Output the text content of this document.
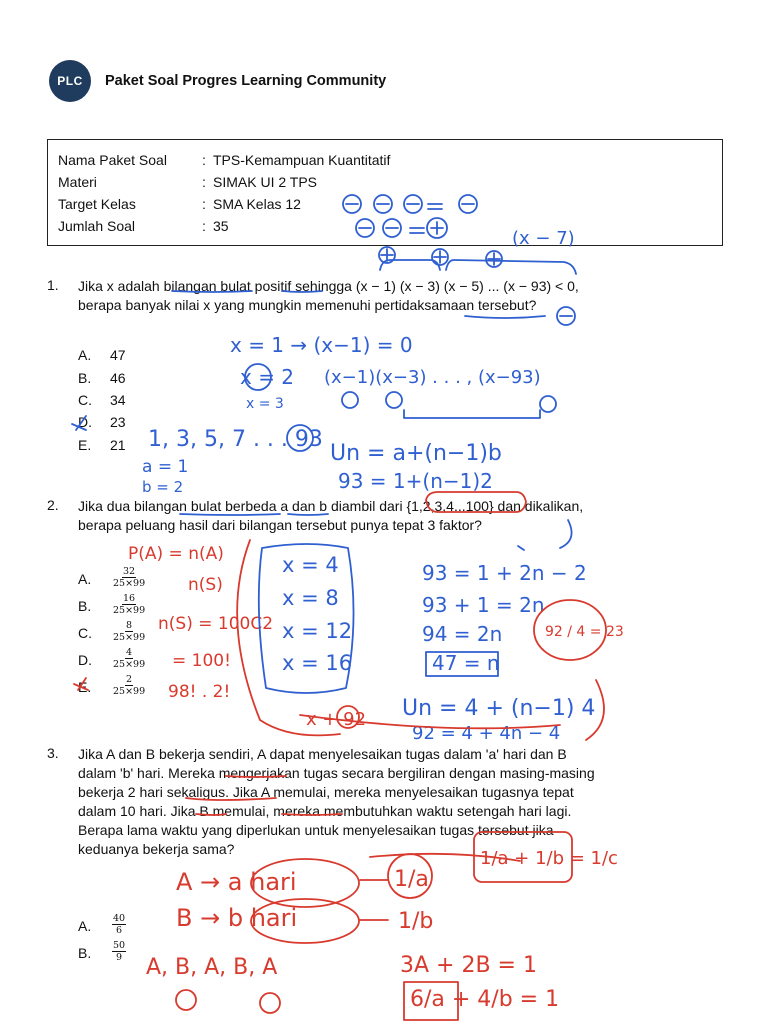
PLC Paket Soal Progres Learning Community
Nama Paket Soal	: TPS-Kemampuan Kuantitatif
Materi	: SIMAK UI 2 TPS
Target Kelas	: SMA Kelas 12
Jumlah Soal	: 35
1. Jika x adalah bilangan bulat positif sehingga (x − 1) (x − 3) (x − 5) ... (x − 93) < 0, berapa banyak nilai x yang mungkin memenuhi pertidaksamaan tersebut?
A. 47
B. 46
C. 34
D. 23
E. 21
2. Jika dua bilangan bulat berbeda a dan b diambil dari {1,2,3,4...100} dan dikalikan, berapa peluang hasil dari bilangan tersebut punya tepat 3 faktor?
A. $\frac{32}{25\times 99}$
B. $\frac{16}{25\times 99}$
C. $\frac{8}{25\times 99}$
D. $\frac{4}{25\times 99}$
E. $\frac{2}{25\times 99}$
3. Jika A dan B bekerja sendiri, A dapat menyelesaikan tugas dalam 'a' hari dan B dalam 'b' hari. Mereka mengerjakan tugas secara bergiliran dengan masing-masing bekerja 2 hari sekaligus. Jika A memulai, mereka menyelesaikan tugasnya tepat dalam 10 hari. Jika B memulai, mereka membutuhkan waktu setengah hari lagi. Berapa lama waktu yang diperlukan untuk menyelesaikan tugas tersebut jika keduanya bekerja sama?
A. $\frac{40}{6}$
B. $\frac{50}{9}$
(x − 7)
x = 1 → (x−1) = 0
x = 2
x = 3
(x−1)(x−3) . . . , (x−93)
1, 3, 5, 7 . . . 93
a = 1
b = 2
Un = a+(n−1)b
93 = 1+(n−1)2
P(A) = n(A)
n(S)
n(S) = 100C2
= 100!
98! . 2!
x = 4
x = 8
x = 12
x = 16
x + 92
93 = 1 + 2n − 2
93 + 1 = 2n
94 = 2n
47 = n
Un = 4 + (n−1) 4
92 = 4 + 4n − 4
92 / 4 = 23
1/a + 1/b = 1/c
A → a hari
B → b hari
1/a
1/b
A, B, A, B, A	3A + 2B = 1
6/a + 4/b = 1
